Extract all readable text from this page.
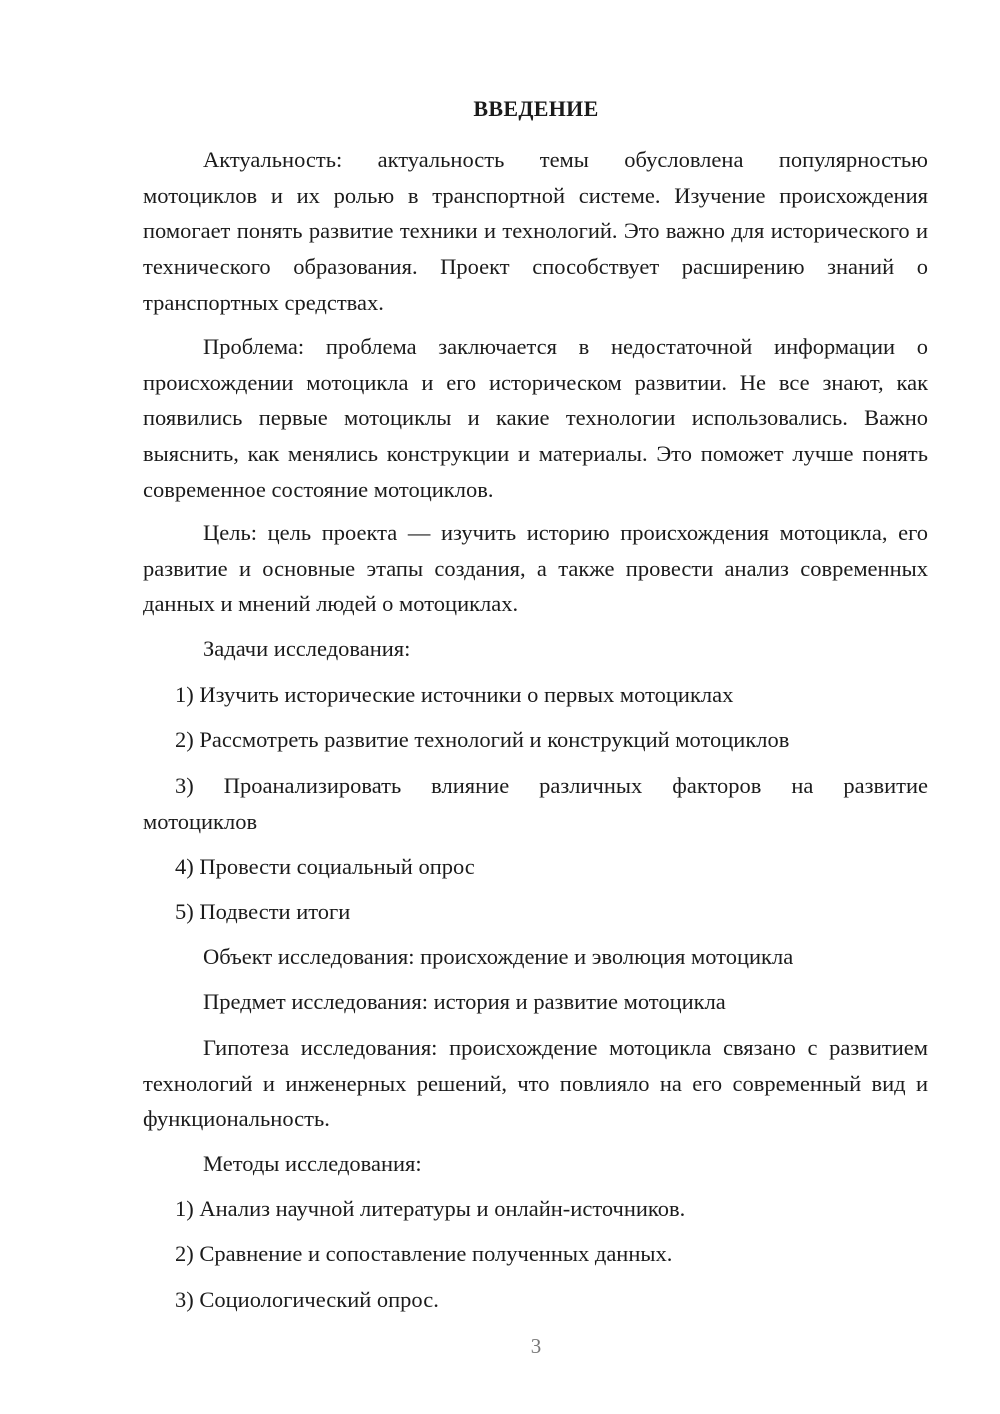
ВВЕДЕНИЕ

Актуальность: актуальность темы обусловлена популярностью мотоциклов и их ролью в транспортной системе. Изучение происхождения помогает понять развитие техники и технологий. Это важно для исторического и технического образования. Проект способствует расширению знаний о транспортных средствах.

Проблема: проблема заключается в недостаточной информации о происхождении мотоцикла и его историческом развитии. Не все знают, как появились первые мотоциклы и какие технологии использовались. Важно выяснить, как менялись конструкции и материалы. Это поможет лучше понять современное состояние мотоциклов.

Цель: цель проекта — изучить историю происхождения мотоцикла, его развитие и основные этапы создания, а также провести анализ современных данных и мнений людей о мотоциклах.

Задачи исследования:

1) Изучить исторические источники о первых мотоциклах

2) Рассмотреть развитие технологий и конструкций мотоциклов

3) Проанализировать влияние различных факторов на развитие
мотоциклов

4) Провести социальный опрос

5) Подвести итоги

Объект исследования: происхождение и эволюция мотоцикла

Предмет исследования: история и развитие мотоцикла

Гипотеза исследования: происхождение мотоцикла связано с развитием технологий и инженерных решений, что повлияло на его современный вид и функциональность.

Методы исследования:

1) Анализ научной литературы и онлайн-источников.

2) Сравнение и сопоставление полученных данных.

3) Социологический опрос.

3
